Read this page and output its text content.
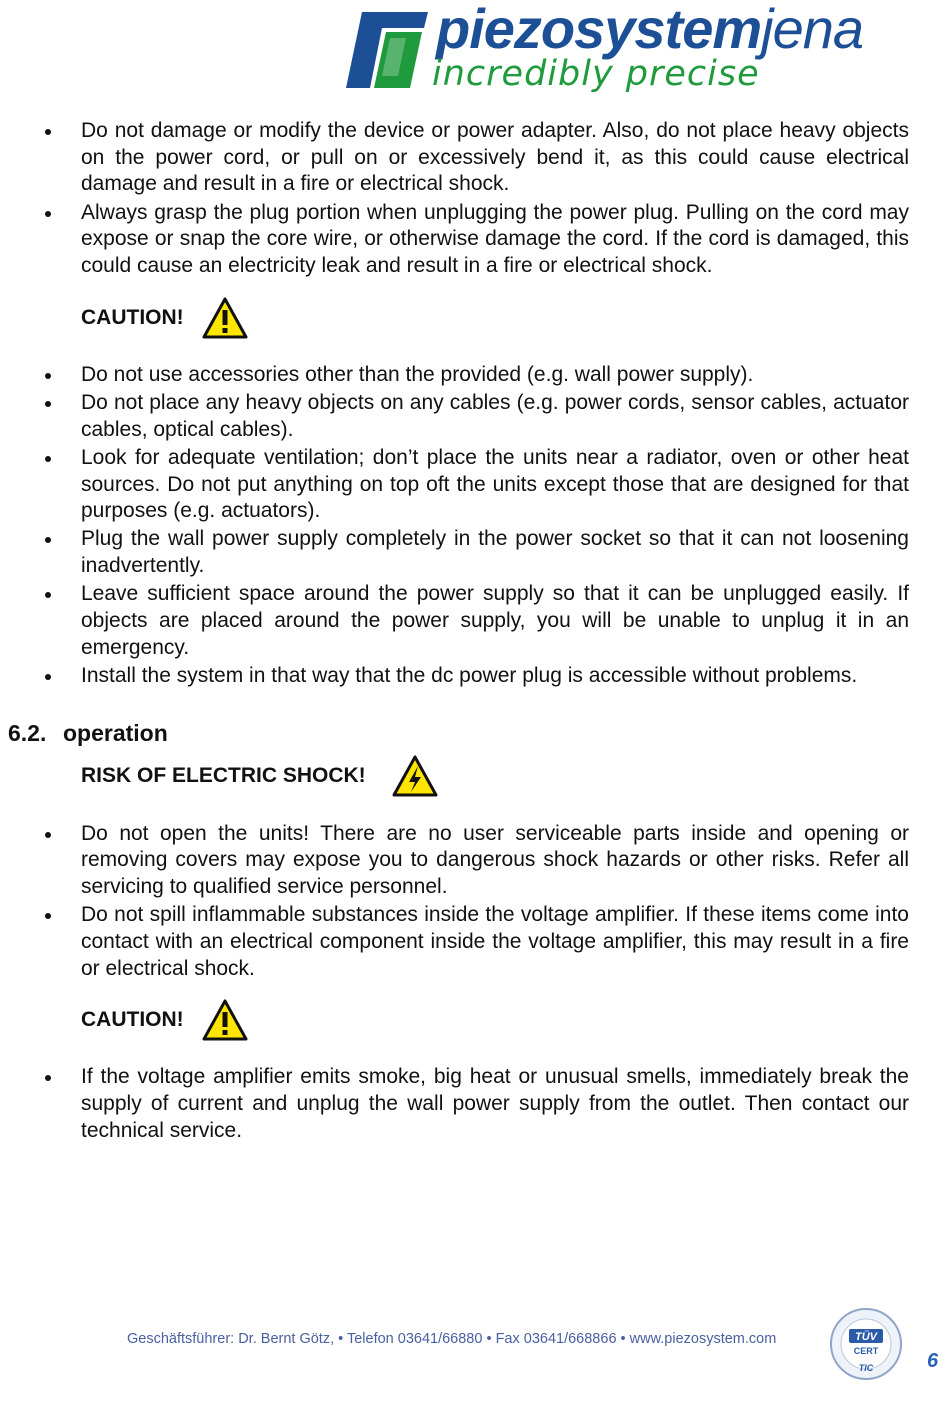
piezosystemjena
incredibly precise
Do not damage or modify the device or power adapter. Also, do not place heavy objects on the power cord, or pull on or excessively bend it, as this could cause electrical damage and result in a fire or electrical shock.
Always grasp the plug portion when unplugging the power plug. Pulling on the cord may expose or snap the core wire, or otherwise damage the cord. If the cord is damaged, this could cause an electricity leak and result in a fire or electrical shock.
CAUTION!
Do not use accessories other than the provided (e.g. wall power supply).
Do not place any heavy objects on any cables (e.g. power cords, sensor cables, actuator cables, optical cables).
Look for adequate ventilation; don’t place the units near a radiator, oven or other heat sources. Do not put anything on top oft the units except those that are designed for that purposes (e.g. actuators).
Plug the wall power supply completely in the power socket so that it can not loosening inadvertently.
Leave sufficient space around the power supply so that it can be unplugged easily. If objects are placed around the power supply, you will be unable to unplug it in an emergency.
Install the system in that way that the dc power plug is accessible without problems.
6.2. operation
RISK OF ELECTRIC SHOCK!
Do not open the units! There are no user serviceable parts inside and opening or removing covers may expose you to dangerous shock hazards or other risks. Refer all servicing to qualified service personnel.
Do not spill inflammable substances inside the voltage amplifier. If these items come into contact with an electrical component inside the voltage amplifier, this may result in a fire or electrical shock.
CAUTION!
If the voltage amplifier emits smoke, big heat or unusual smells, immediately break the supply of current and unplug the wall power supply from the outlet. Then contact our technical service.
Geschäftsführer: Dr. Bernt Götz, • Telefon 03641/66880 • Fax 03641/668866 • www.piezosystem.com	TÜV
CERT
TIC	6
